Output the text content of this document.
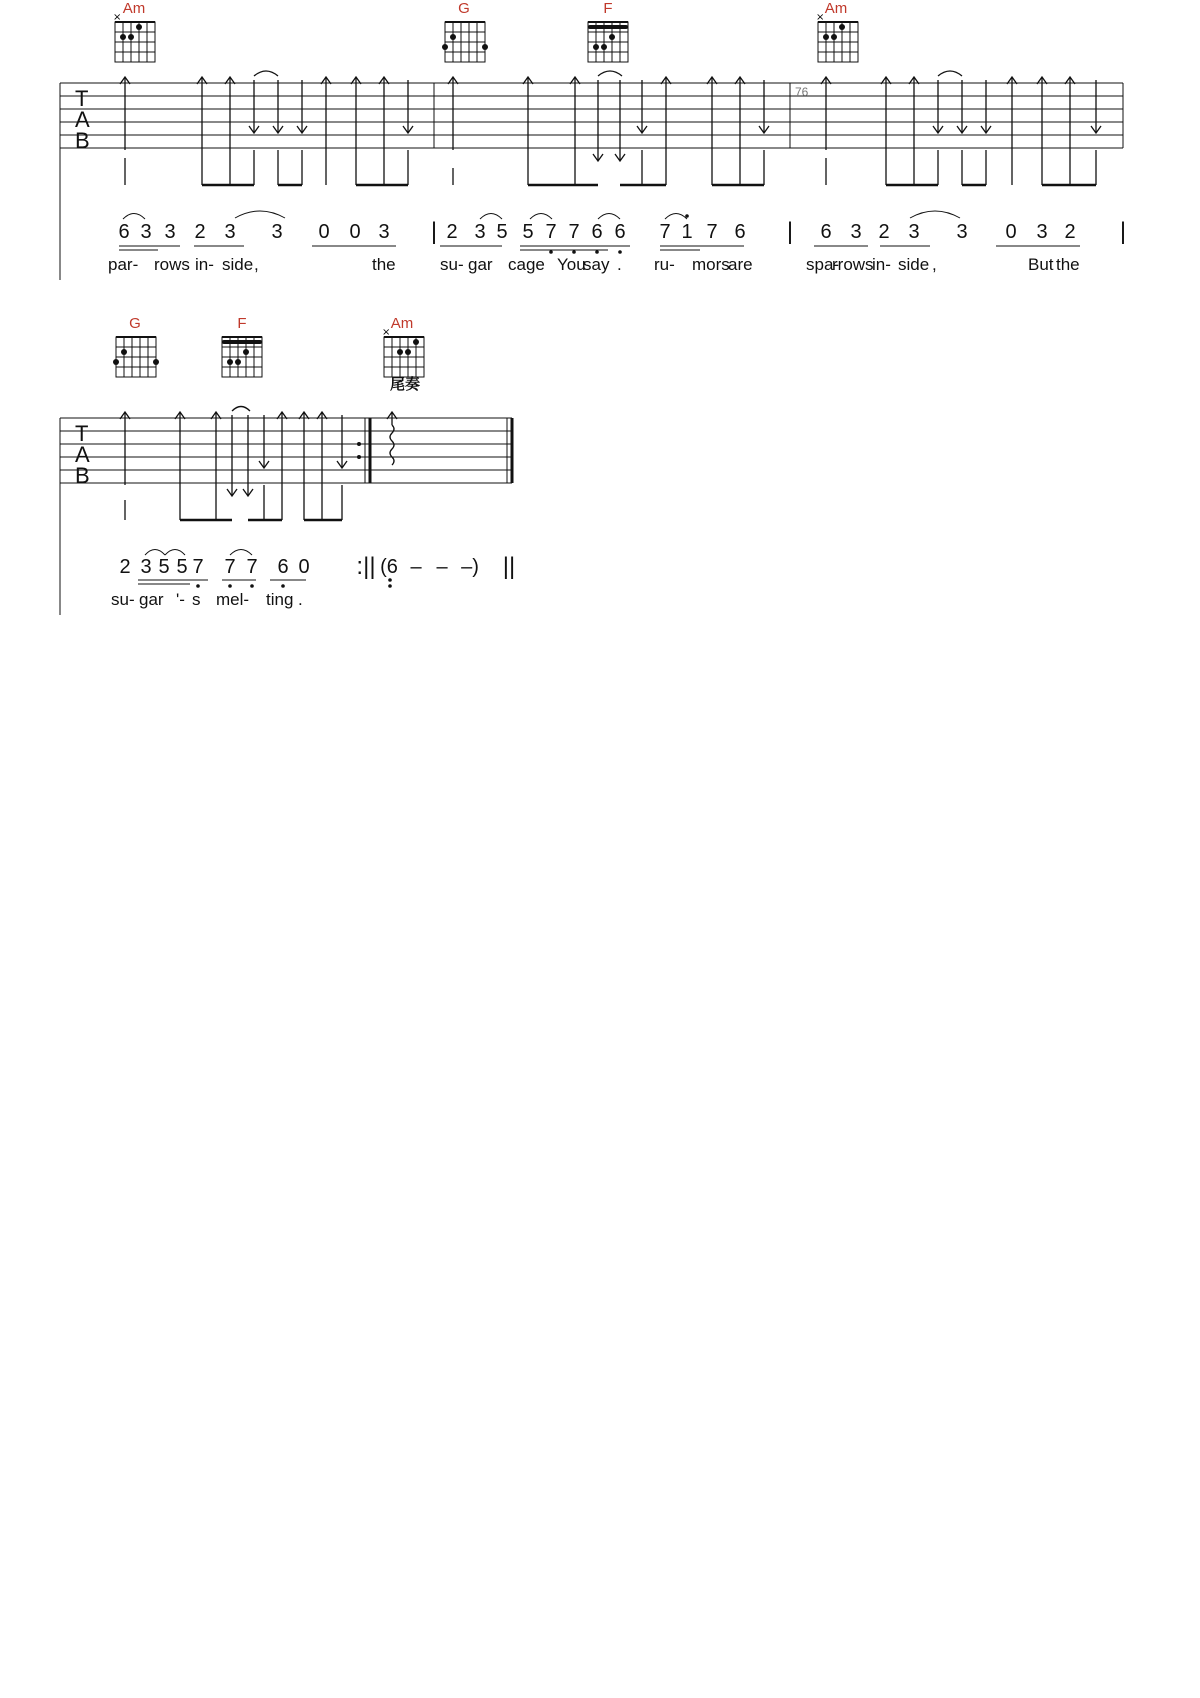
Am	G	F	Am
×	×
T
A
B
76
6 3 3 2 3 3 0 0 3 | 2 3 5 5 7 7 6 6 7 1 7 6 | 6 3 2 3 3 0 3 2 |
par- rows in- side ,	the	su- gar cage You
say . ru- mors
are	spa-
rrows
in- side ,	But the
G	F	Am
尾奏
×
T
A
B
2 3 5 5 7 7 7 6 0 :|| (6 – – –) ||
su- gar '- s mel- ting .
